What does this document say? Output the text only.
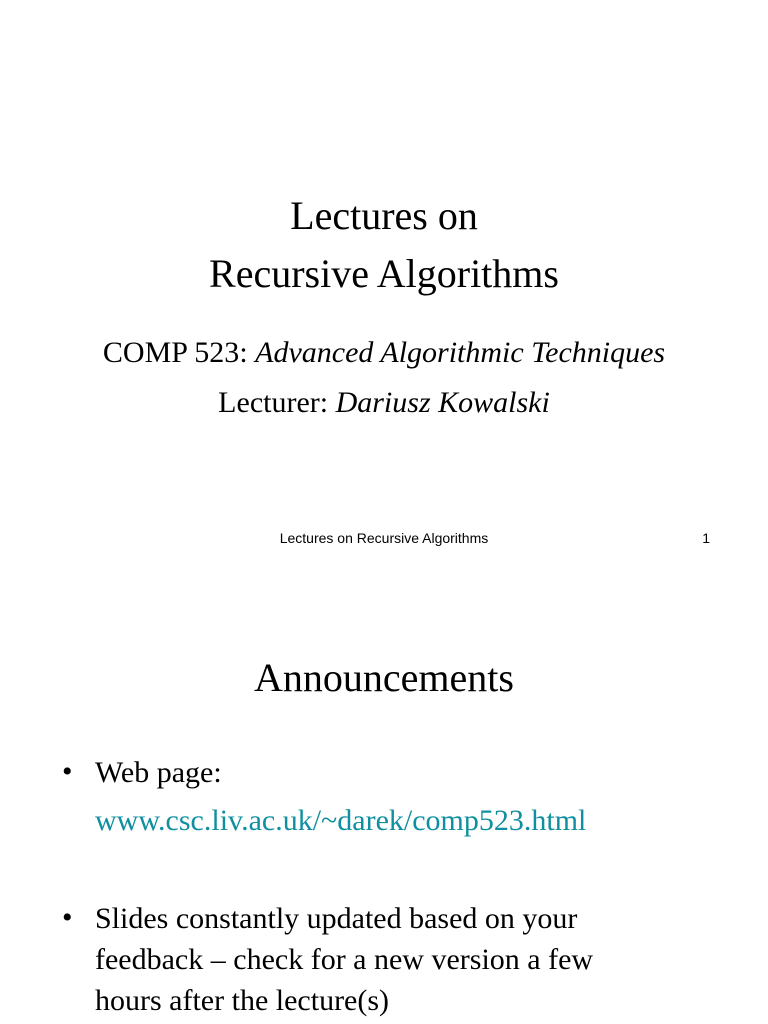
Lectures on
Recursive Algorithms
COMP 523: Advanced Algorithmic Techniques
Lecturer: Dariusz Kowalski
Lectures on Recursive Algorithms	1
Announcements
• Web page:
www.csc.liv.ac.uk/~darek/comp523.html
• Slides constantly updated based on your
feedback – check for a new version a few
hours after the lecture(s)
